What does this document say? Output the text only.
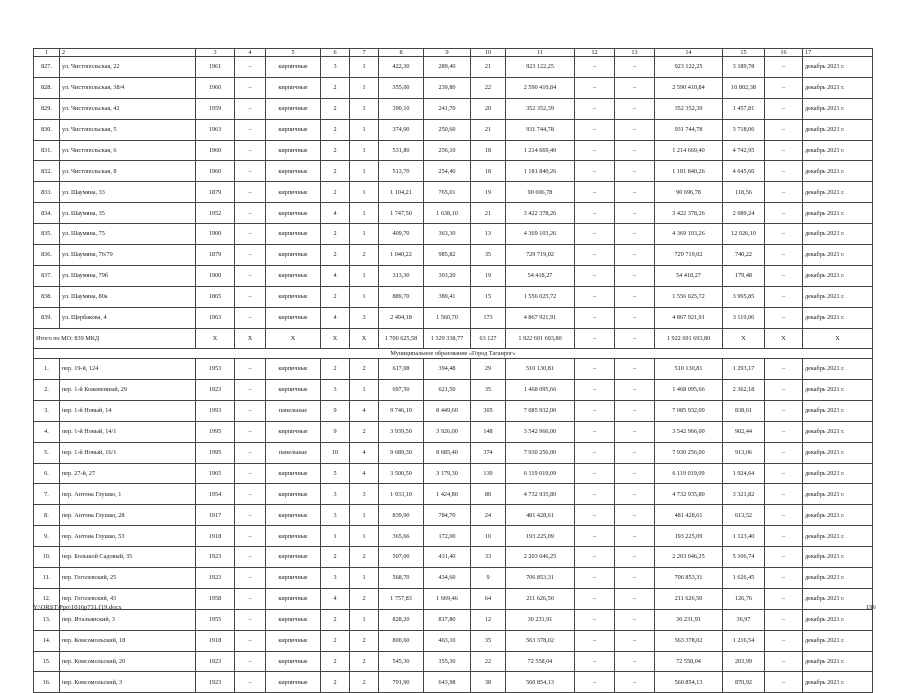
1	2	3	4	5	6	7	8	9	10	11	12	13	14	15	16	17
827.	ул. Чистопольская, 22	1961	–	кирпичные	3	1	422,30	289,40	21	923 122,25	–	–	923 122,25	3 189,78	–	декабрь 2021 г.
828.	ул. Чистопольская, 38/4	1960	–	кирпичные	2	1	355,00	239,80	22	2 590 410,84	–	–	2 590 410,84	10 802,38	–	декабрь 2021 г.
829.	ул. Чистопольская, 42	1959	–	кирпичные	2	1	390,10	241,70	20	352 352,39	–	–	352 352,39	1 457,81	–	декабрь 2021 г.
830.	ул. Чистопольская, 5	1963	–	кирпичные	2	1	374,00	250,60	21	931 744,78	–	–	931 744,78	3 718,06	–	декабрь 2021 г.
831.	ул. Чистопольская, 6	1960	–	кирпичные	2	1	531,80	256,10	18	1 214 669,40	–	–	1 214 669,40	4 742,95	–	декабрь 2021 г.
832.	ул. Чистопольская, 8	1960	–	кирпичные	2	1	513,70	254,40	18	1 181 840,26	–	–	1 181 840,26	4 645,60	–	декабрь 2021 г.
833.	ул. Шаумяна, 33	1879	–	кирпичные	2	1	1 104,21	765,01	19	90 696,78	–	–	90 696,78	118,56	–	декабрь 2021 г.
834.	ул. Шаумяна, 35	1952	–	кирпичные	4	1	1 747,50	1 638,10	21	3 422 378,26	–	–	3 422 378,26	2 089,24	–	декабрь 2021 г.
835.	ул. Шаумяна, 75	1900	–	кирпичные	2	1	409,70	363,30	13	4 369 103,26	–	–	4 369 103,26	12 026,10	–	декабрь 2021 г.
836.	ул. Шаумяна, 76/79	1879	–	кирпичные	2	2	1 040,22	985,82	35	729 719,02	–	–	729 719,02	740,22	–	декабрь 2021 г.
837.	ул. Шаумяна, 79б	1900	–	кирпичные	4	1	313,30	303,20	19	54 418,27	–	–	54 418,27	179,48	–	декабрь 2021 г.
838.	ул. Шаумяна, 80а	1865	–	кирпичные	2	1	889,70	389,41	15	1 556 025,72	–	–	1 556 025,72	3 995,85	–	декабрь 2021 г.
839.	ул. Щербакова, 4	1963	–	кирпичные	4	3	2 494,18	1 560,70	173	4 867 921,91	–	–	4 867 921,91	3 119,06	–	декабрь 2021 г.
Итого по МО: 839 МКД		Х	Х	Х	Х	Х	1 700 625,58	1 329 338,77	63 127	1 922 691 693,80	–	–	1 922 691 693,80	Х	Х	Х
Муниципальное образование «Город Таганрог»																
1.	пер. 19-й, 124	1953	–	кирпичные	2	2	617,08	394,48	29	510 130,81	–	–	510 130,81	1 293,17	–	декабрь 2021 г.
2.	пер. 1-й Кожевенный, 29	1923	–	кирпичные	3	1	697,50	621,50	35	1 468 095,66	–	–	1 468 095,66	2 362,18	–	декабрь 2021 г.
3.	пер. 1-й Новый, 14	1993	–	панельные	9	4	9 746,10	8 449,60	305	7 085 932,00	–	–	7 085 932,00	838,61	–	декабрь 2021 г.
4.	пер. 1-й Новый, 14/1	1995	–	кирпичные	9	2	3 939,50	3 926,00	148	3 542 966,00	–	–	3 542 966,00	902,44	–	декабрь 2021 г.
5.	пер. 1-й Новый, 16/1	1995	–	панельные	10	4	9 689,30	8 685,40	374	7 930 256,00	–	–	7 930 256,00	913,06	–	декабрь 2021 г.
6.	пер. 27-й, 27	1965	–	кирпичные	5	4	3 500,50	3 179,30	139	6 119 019,09	–	–	6 119 019,09	1 924,64	–	декабрь 2021 г.
7.	пер. Антона Глушко, 1	1954	–	кирпичные	3	3	1 933,10	1 424,80	80	4 732 935,80	–	–	4 732 935,80	3 321,82	–	декабрь 2021 г.
8.	пер. Антона Глушко, 28	1917	–	кирпичные	3	1	839,90	784,70	24	481 428,61	–	–	481 428,61	613,52	–	декабрь 2021 г.
9.	пер. Антона Глушко, 53	1918	–	кирпичные	1	1	365,66	172,00	10	193 225,09	–	–	193 225,09	1 123,40	–	декабрь 2021 г.
10.	пер. Большой Садовый, 35	1923	–	кирпичные	2	2	507,00	431,40	33	2 203 046,25	–	–	2 203 046,25	5 106,74	–	декабрь 2021 г.
11.	пер. Гоголевский, 25	1923	–	кирпичные	3	1	568,70	434,60	9	706 853,31	–	–	706 853,31	1 626,45	–	декабрь 2021 г.
12.	пер. Гоголевский, 43	1958	–	кирпичные	4	2	1 757,83	1 669,46	64	211 626,50	–	–	211 626,50	126,76	–	декабрь 2021 г.
13.	пер. Итальянский, 3	1955	–	кирпичные	2	1	828,20	817,80	12	30 231,91	–	–	30 231,91	36,97	–	декабрь 2021 г.
14.	пер. Комсомольский, 18	1918	–	кирпичные	2	2	800,60	463,10	35	563 378,02	–	–	563 378,02	1 216,54	–	декабрь 2021 г.
15.	пер. Комсомольский, 20	1923	–	кирпичные	2	2	545,30	355,30	22	72 558,04	–	–	72 558,04	203,99	–	декабрь 2021 г.
16.	пер. Комсомольский, 3	1923	–	кирпичные	2	2	791,90	643,98	38	560 854,13	–	–	560 854,13	870,92	–	декабрь 2021 г.
Y:\ORST\Ppo\1016p731.f19.docx	196
